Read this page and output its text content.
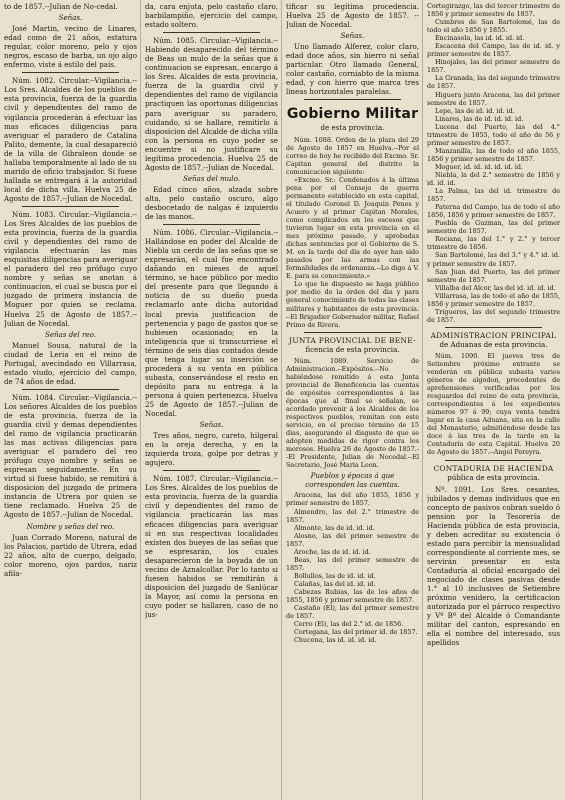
to de 1857.--Julian de No-cedal.

Señas.

José Martin, vecino de Linares, edad como de 21 años, estatura regular, color moreno, pelo y ojos negros, escaso de barba, un ojo algo enfermo, viste á estilo del país.

Núm. 1082. Circular.--Vigilancia.--Los Sres. Alcaldes de los pueblos de esta provincia, fuerza de la guardia civil y dependientes del ramo de vigilancia procederán á efectuar las mas eficaces diligencias para averiguar el paradero de Catalina Palito, demente, la cual desapareció de la villa de Gibraleon donde se hallaba temporalmente al lado de su marido de oficio trabajador. Si fuese hallada se entregará á la autoridad local de dicha villa. Huelva 25 de Agosto de 1857.--Julian de Nocedal.

Núm. 1083. Circular.--Vigilancia.--Los Sres Alcaldes de los pueblos de esta provincia, fuerza de la guardia civil y dependientes del ramo de vigilancia efectuarán las mas esquisitas diligencias para averiguar el paradero del reo prófugo cuyo nombre y señas se anotan á continuacion, el cual se busca por el juzgado de primera instancia de Moguer por quien se reclama. Huelva 25 de Agosto de 1857.--Julian de Nocedal.

Señas del reo.

Manuel Sousa, natural de la ciudad de Leria en el reino de Portugal, avecindado en Villarrasa, estado viudo, ejercicio del campo, de 74 años de edad.

Núm. 1084. Circular.--Vigilancia.--Los señores Alcaldes de los pueblos de esta provincia, fuerza de la guardia civil y demas dependientes del ramo de vigilancia practicarán las mas activas diligencias para averiguar el paradero del reo prófugo cuyo nombre y señas se espresan seguidamente. En su virtud si fuese habido, se remitirá á disposicion del juzgado de primera instancia de Utrera por quien se tiene reclamado. Huelva 25 de Agosto de 1857.--Julian de Nocedal.

Nombre y señas del reo.

Juan Corrado Moreno, natural de los Palacios, partido de Utrera, edad 22 años, alto de cuerpo, delgado, color moreno, ojos pardos, nariz afila-

da, cara enjuta, pelo castaño claro, barbilampiño, ejercicio del campo, estado soltero.

Núm. 1085. Circular.--Vigilancia.--Habiendo desaparecido del término de Beas un mulo de la señas que á continuacion se espresan, encargo á los Sres. Alcaldes de esta provincia, fuerza de la guardia civil y dependientes del ramo de vigilancia practiquen las oportunas diligencias para averiguar su paradero, cuidando, si se hallare, remitirlo á disposicion del Alcalde de dicha villa con la persona en cuyo poder se encuentre si no justificare su legítima procedencia. Huelva 25 de Agosto de 1857.--Julian de Nocedal.

Señas del mulo.

Edad cinco años, alzada sobre alta, pelo castaño oscuro, algo desbocetado de nalgas é izquierdo de las manos.

Núm. 1086. Circular.--Vigilancia.--Hallándose en poder del Alcalde de Niebla un cerdo de las señas que se expresarán, el cual fue encontrado dañando en mieses de aquel término, se hace público por medio del presente para que llegando á noticia de su dueño pueda reclamarlo ante dicha autoridad local previa justificacion de pertenencia y pago de gastos que se hubiesen ocasionado; en la inteligencia que si transcurriese el término de seis dias contados desde que tenga lugar su inserción se procederá á su venta en pública subasta, conservándose el resto en depósito para su entrega á la persona á quien pertenezca. Huelva 25 de Agosto de 1857.--Julian de Nocedal.

Señas.

Tres años, negro, careto, hilgeral en la oreja derecha, y en la izquierda troza, golpe por detras y agujero.

Núm. 1087. Circular.--Vigilancia.--Los Sres. Alcaldes de los pueblos de esta provincia, fuerza de la guardia civil y dependientes del ramo de vigilancia practicarán las mas eficaces diligencias para averiguar si en sus respectivas localidades existen dos bueyes de las señas que se espresarán, los cuales desaparecieron de la boyada de un vecino de Aznalcollar. Por lo tanto si fuesen habidos se remitirán á disposicion del juzgado de Sanlúcar la Mayor, así como la persona en cuyo poder se hallaren, caso de no jus-

tificar su legítima procedencia. Huelva 25 de Agosto de 1857. --Julian de Nocedal.

Señas.

Uno llamado Alferez, color claro, edad doce años, sin hierro ni señal particular. Otro llamado General, color castaño, corniabto de la misma edad, y con hierro que marca tres lineas horizontales paralelas.

Gobierno Militar
de esta provincia.

Núm. 1088. Orden de la plaza del 29 de Agosto de 1857 en Huelva.--Por el correo de hoy he recibido del Excmo. Sr. Capitan general del distrito la comunicacion siguiente:

«Excmo. Sr.: Condenados á la última pena por el Consejo de guerra permanente establecido en esta capital, el titulado Coronel D. Joaquin Penes y Acuero y el primer Capitan Morales, como complicados en los escesos que tuvieron lugar en esta provincia en el mes próximo pasado, y aprobadas dichas sentencias por el Gobierno de S. M. en la tarde del dia de ayer han sido pasados por las armas con las formalidades de ordenanza.--Lo digo á V. E. para su conocimiento.»

Lo que he dispuesto se haga público por medio de la órden del dia y para general conocimiento de todas las clases militares y habitantes de esta provincia. --El Brigadier Gobernador militar, Rafael Primo de Rivera.

JUNTA PROVINCIAL DE BENE-
ficencia de esta provincia.

Núm. 1089. Servicio de Administracion.--Expósitos.--No habiéndose remitido á esta Junta provincial de Beneficencia las cuentas de expósitos correspondientes á las épocas que al final se señalan, se acordado prevenir á los Alcaldes de los respectivos pueblos, remitan con este servicio, en el preciso término de 15 dias, asegurando el disgusto de que se adopten medidas de rigor contra los morosos. Huelva 26 de Agosto de 1857.--El Presidente, Julian de Nocedal.--El Secretario, José Maria Leon.

Pueblos y épocas á que corresponden las cuentas.

Aracena, las del año 1855, 1856 y primer semestre de 1857.

Almendro, las del 2.° trimestre de 1857.

Almonte, las de id. id. id.

Alosno, las del primer semestre de 1857.

Aroche, las de id. id. id.

Beas, las del primer semestre de 1857.

Bollullos, las de id. id. id.

Calañas, las del id. id. id.

Cabezas Rubias, las de los años de 1855, 1856 y primer semestre de 1857.

Castaño (El), las del primer semestre de 1857.

Cerro (El), las del 2.° id. de 1856.

Cortegana, las del primer id. de 1857.

Chucena, las id. id. id. id.

Cortegirazgo, las del tercer trimestre de 1856 y primer semestre de 1857.

Cumbres de San Bartolomé, las de todo el año 1856 y 1855.

Encinasola, las id. id. id. id.

Escacena del Campo, las de id. id. y primer semestre de 1857.

Hinojales, las del primer semestre de 1857.

La Granada, las del segundo trimestre de 1857.

Higuera junto Aracena, las del primer semestre de 1857.

Lepe, las de id. id. id. id.

Linares, las de id. id. id. id.

Lucena del Puerto, las del 4.° trimestre de 1855, todo el año de 56 y primer semestre de 1857.

Manzanilla, las de todo el año 1855, 1856 y primer semestre de 1857.

Moguer, id. id. id. id. id. id.

Niebla, la del 2.° semestre de 1856 y id. id. id.

La Palma, las del id. trimestre de 1857.

Paterna del Campo, las de todo el año 1856, 1856 y primer semestre de 1857.

Puebla de Guzman, las del primer semestre de 1857.

Rociana, las del 1.° y 2.° y tercer trimestre de 1856.

San Bartolomé, las del 3.° y 4.° id. id. y primer semestre de 1857.

San Juan del Puerto, las del primer semestre de 1857.

Villalba del Alcor, las del id. id. id. id.

Villarrasa, las de todo el año de 1855, 1856 y primer semestre de 1857.

Trigueros, las del segundo trimestre de 1857.

ADMINISTRACION PRINCIPAL
de Aduanas de esta provincia.

Núm. 1090. El jueves tres de Setiembre próximo entrante se venderán en pública subasta varios géneros de algodon, procedentes de aprehensiones verificadas por los resguardos del reino de esta provincia, correspondientes á los expedientes números 97 á 99; cuya venta tendrá lugar en la casa Aduana, sita en la calle del Monasterio, admitiéndose desde las doce á las tres de la tarde en la Contaduría de esta Capital. Huelva 20 de Agosto de 1857.--Angel Pereyra.

CONTADURIA DE HACIENDA
pública de esta provincia.

Nº. 1091. Los Sres. cesantes, jubilados y demas individuos que en concepto de pasivos cobran sueldo ó pension por la Tesorería de Hacienda pública de esta provincia, y deben acreditar su existencia ó estado para percibir la mensualidad correspondiente al corriente mes, se servirán presentar en esta Contaduría al oficial encargado del negociado de clases pasivas desde 1.° al 10 inclusives de Setiembre próximo venidero, la certificacion autorizada por el párroco respectivo y Vº Bº del Alcalde ó Comandante militar del canton, espresando en ella el nombre del interesado, sus apellidos
